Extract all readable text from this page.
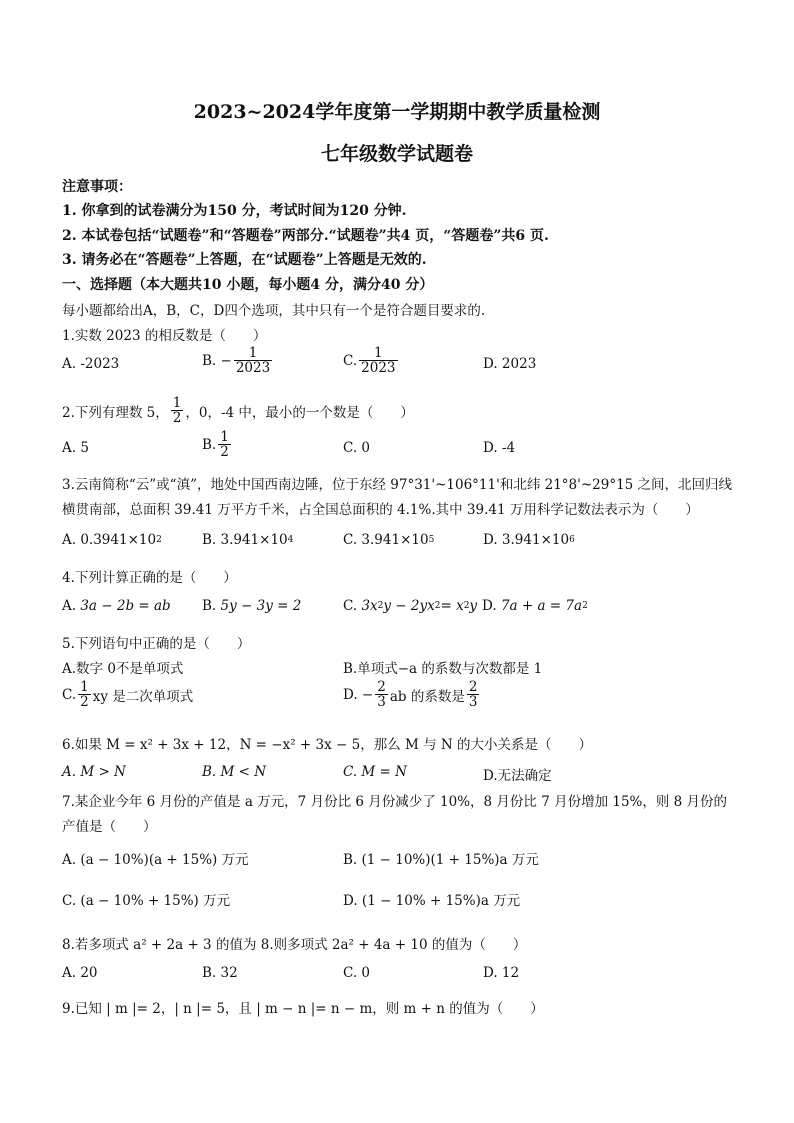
2023~2024学年度第一学期期中教学质量检测
七年级数学试题卷
注意事项：
1. 你拿到的试卷满分为150 分，考试时间为120 分钟.
2. 本试卷包括“试题卷”和“答题卷”两部分.“试题卷”共4 页，“答题卷”共6 页.
3. 请务必在“答题卷”上答题，在“试题卷”上答题是无效的.
一、选择题（本大题共10 小题，每小题4 分，满分40 分）
每小题都给出A，B，C，D四个选项，其中只有一个是符合题目要求的.
1.实数 2023 的相反数是（　　）
A. -2023	B. − $\frac{1}{2023}$	C. $\frac{1}{2023}$	D. 2023
2.下列有理数 5， $\frac{1}{2}$ ，0，-4 中，最小的一个数是（　　）
A. 5	B. $\frac{1}{2}$	C. 0	D. -4
3.云南简称“云”或“滇”，地处中国西南边陲，位于东经 97°31'~106°11'和北纬 21°8'~29°15 之间，北回归线
横贯南部，总面积 39.41 万平方千米，占全国总面积的 4.1%.其中 39.41 万用科学记数法表示为（　　）
A. 0.3941×10 2	B. 3.941×10 4	C. 3.941×10 5	D. 3.941×10 6
4.下列计算正确的是（　　）
A.
3a − 2b = ab B.
5y − 3y = 2	C.
3x 2 y − 2yx 2 = x 2 y D.
7a + a = 7a 2
5.下列语句中正确的是（　　）
A.数字 0不是单项式	B.单项式−a 的系数与次数都是 1
C. $\frac{1}{2}$ xy 是二次单项式	D. − $\frac{2}{3}$ ab 的系数是 $\frac{2}{3}$
6.如果 M = x² + 3x + 12，N = −x² + 3x − 5，那么 M 与 N 的大小关系是（　　）
A. M > N	B. M < N	C. M = N	D.无法确定
7.某企业今年 6 月份的产值是 a 万元，7 月份比 6 月份减少了 10%，8 月份比 7 月份增加 15%，则 8 月份的
产值是（　　）
A. (a − 10%)(a + 15%) 万元	B. (1 − 10%)(1 + 15%)a 万元
C. (a − 10% + 15%) 万元	D. (1 − 10% + 15%)a 万元
8.若多项式 a² + 2a + 3 的值为 8.则多项式 2a² + 4a + 10 的值为（　　）
A. 20	B. 32	C. 0	D. 12
9.已知 | m |= 2，| n |= 5，且 | m − n |= n − m，则 m + n 的值为（　　）
